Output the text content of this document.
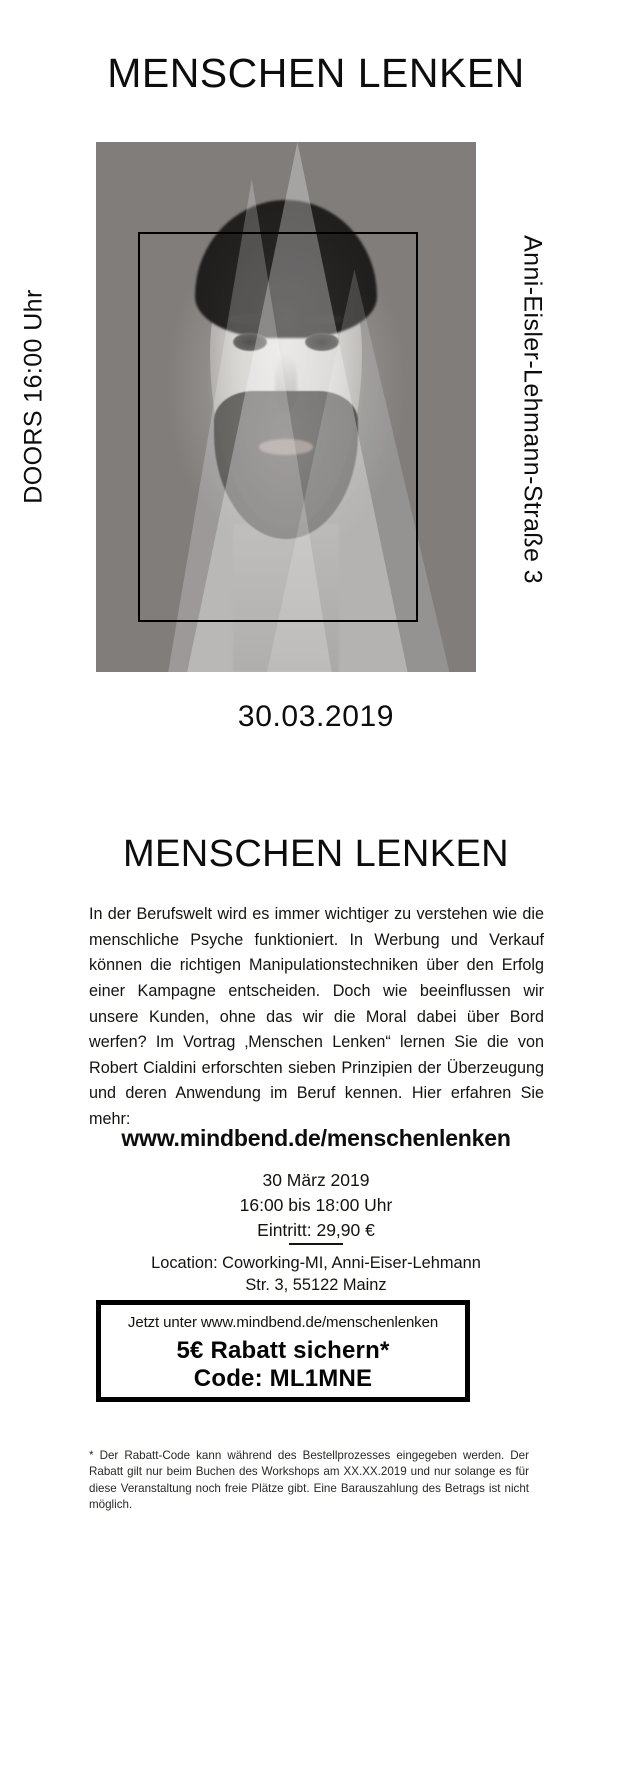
MENSCHEN LENKEN
DOORS 16:00 Uhr	Anni-Eisler-Lehmann-Straße 3
30.03.2019
MENSCHEN LENKEN

In der Berufswelt wird es immer wichtiger zu verstehen wie die menschliche Psyche funktioniert. In Werbung und Verkauf können die richtigen Manipulationstechniken über den Erfolg einer Kampagne entscheiden. Doch wie beeinflussen wir unsere Kunden, ohne das wir die Moral dabei über Bord werfen? Im Vortrag ‚Menschen Lenken“ lernen Sie die von Robert Cialdini erforschten sieben Prinzipien der Überzeugung und deren Anwendung im Beruf kennen. Hier erfahren Sie mehr:

www.mindbend.de/menschenlenken
30 März 2019
16:00 bis 18:00 Uhr
Eintritt: 29,90 €
Location: Coworking-MI, Anni-Eiser-Lehmann
Str. 3, 55122 Mainz
Jetzt unter www.mindbend.de/menschenlenken
5€ Rabatt sichern*
Code: ML1MNE

* Der Rabatt-Code kann während des Bestellprozesses eingegeben werden. Der Rabatt gilt nur beim Buchen des Workshops am XX.XX.2019 und nur solange es für diese Veranstaltung noch freie Plätze gibt. Eine Barauszahlung des Betrags ist nicht möglich.
